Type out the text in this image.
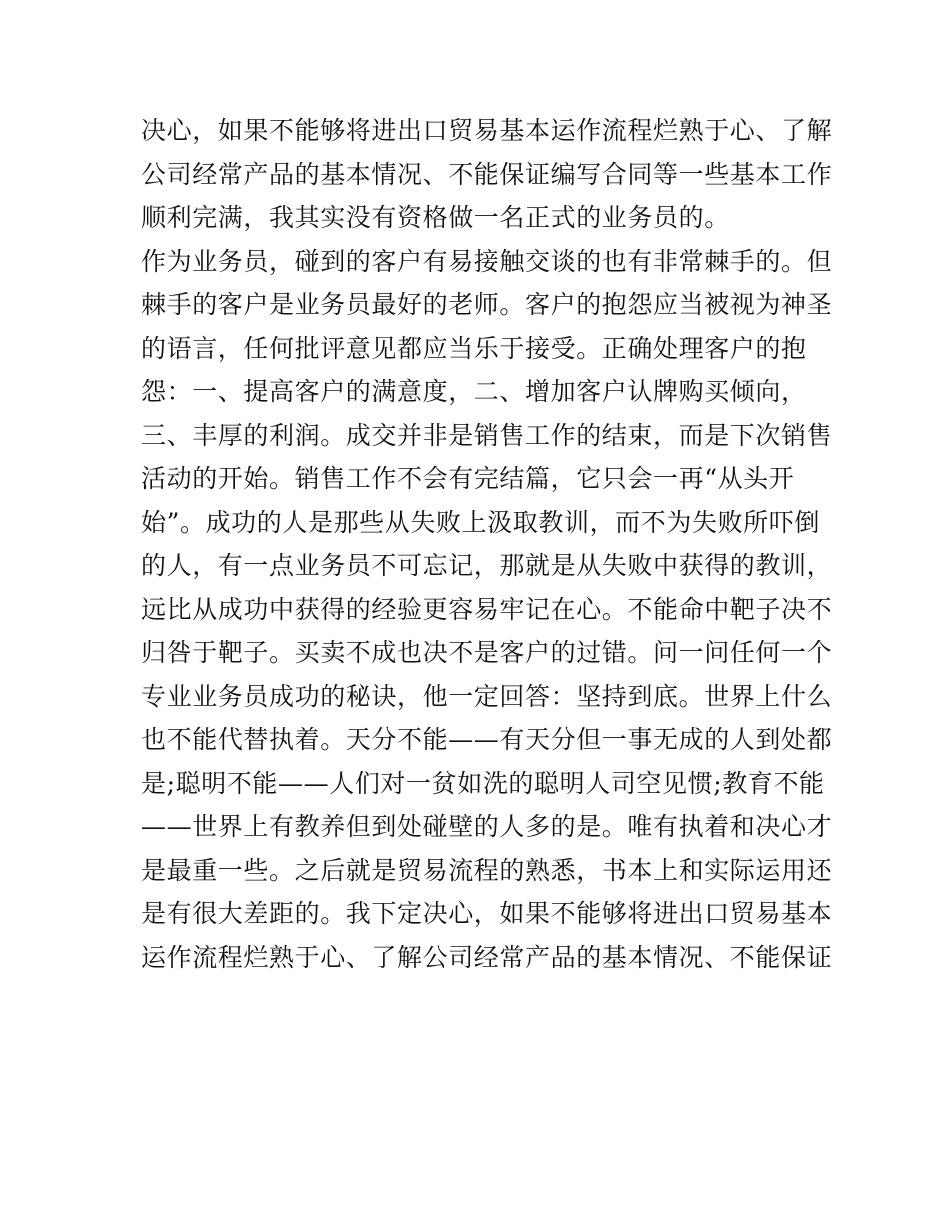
决心，如果不能够将进出口贸易基本运作流程烂熟于心、了解
公司经常产品的基本情况、不能保证编写合同等一些基本工作
顺利完满，我其实没有资格做一名正式的业务员的。
作为业务员，碰到的客户有易接触交谈的也有非常棘手的。但
棘手的客户是业务员最好的老师。客户的抱怨应当被视为神圣
的语言，任何批评意见都应当乐于接受。正确处理客户的抱
怨：一、提高客户的满意度，二、增加客户认牌购买倾向，
三、丰厚的利润。成交并非是销售工作的结束，而是下次销售
活动的开始。销售工作不会有完结篇，它只会一再“从头开
始”。成功的人是那些从失败上汲取教训，而不为失败所吓倒
的人，有一点业务员不可忘记，那就是从失败中获得的教训，
远比从成功中获得的经验更容易牢记在心。不能命中靶子决不
归咎于靶子。买卖不成也决不是客户的过错。问一问任何一个
专业业务员成功的秘诀，他一定回答：坚持到底。世界上什么
也不能代替执着。天分不能——有天分但一事无成的人到处都
是;聪明不能——人们对一贫如洗的聪明人司空见惯;教育不能
——世界上有教养但到处碰壁的人多的是。唯有执着和决心才
是最重一些。之后就是贸易流程的熟悉，书本上和实际运用还
是有很大差距的。我下定决心，如果不能够将进出口贸易基本
运作流程烂熟于心、了解公司经常产品的基本情况、不能保证
